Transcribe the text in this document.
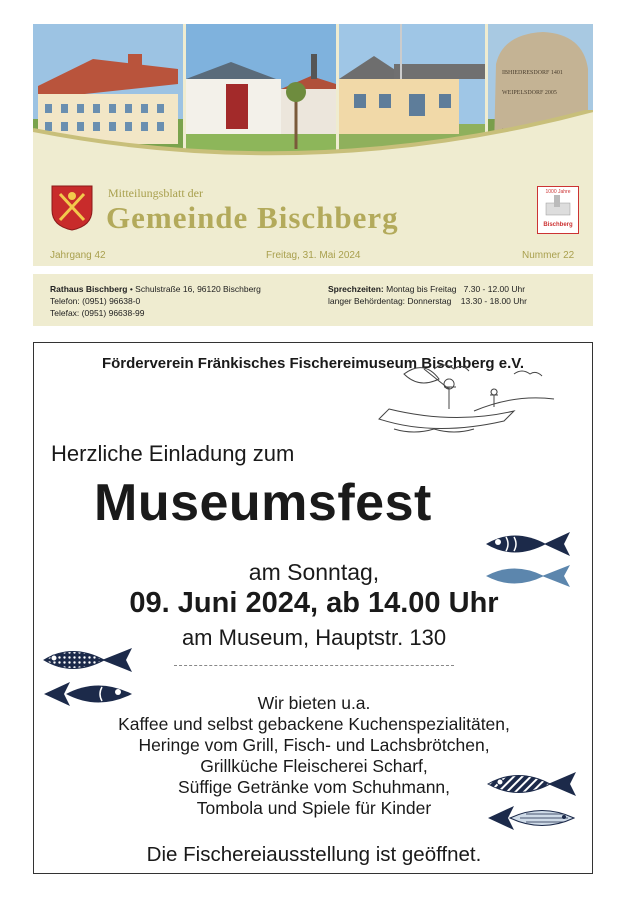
IBHIEDRESDORF 1401
WEIPELSDORF 2005
Mitteilungsblatt der
Gemeinde Bischberg
1000 Jahre
Bischberg
Jahrgang 42	Freitag, 31. Mai 2024	Nummer 22
Rathaus Bischberg • Schulstraße 16, 96120 Bischberg
Telefon: (0951) 96638-0
Telefax: (0951) 96638-99
Sprechzeiten: Montag bis Freitag 7.30 - 12.00 Uhr
langer Behördentag: Donnerstag 13.30 - 18.00 Uhr
Förderverein Fränkisches Fischereimuseum Bischberg e.V.
Herzliche Einladung zum
Museumsfest
am Sonntag,
09. Juni 2024, ab 14.00 Uhr
am Museum, Hauptstr. 130
Wir bieten u.a.
Kaffee und selbst gebackene Kuchenspezialitäten,
Heringe vom Grill, Fisch- und Lachsbrötchen,
Grillküche Fleischerei Scharf,
Süffige Getränke vom Schuhmann,
Tombola und Spiele für Kinder
Die Fischereiausstellung ist geöffnet.
